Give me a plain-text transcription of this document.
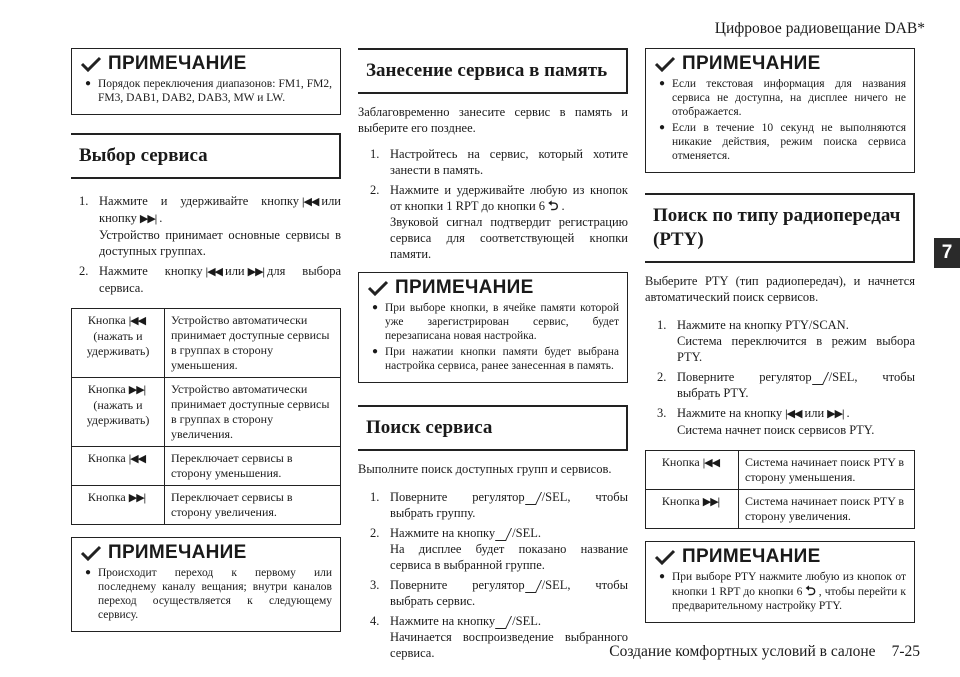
Цифровое радиовещание DAB*
7
Создание комфортных условий в салоне 7-25
ПРИМЕЧАНИЕ
● Порядок переключения диапазонов: FM1, FM2, FM3, DAB1, DAB2, DAB3, MW и LW.
Выбор сервиса
1. Нажмите и удерживайте кнопку |◀◀ или кнопку ▶▶| .
Устройство принимает основные сервисы в доступных группах.
2. Нажмите кнопку |◀◀ или ▶▶| для выбора сервиса.
Кнопка |◀◀
(нажать и удерживать)	Устройство автоматически принимает доступные сервисы в группах в сторону уменьшения.
Кнопка ▶▶|
(нажать и удерживать)	Устройство автоматически принимает доступные сервисы в группах в сторону увеличения.
Кнопка |◀◀	Переключает сервисы в сторону уменьшения.
Кнопка ▶▶|	Переключает сервисы в сторону увеличения.
ПРИМЕЧАНИЕ
● Происходит переход к первому или последнему каналу вещания; внутри каналов переход осуществляется к следующему сервису.
Занесение сервиса в память

Заблаговременно занесите сервис в память и выберите его позднее.

1. Настройтесь на сервис, который хотите занести в память.
2. Нажмите и удерживайте любую из кнопок от кнопки 1 RPT до кнопки 6 ⮌ .
Звуковой сигнал подтвердит регистрацию сервиса для соответствующей кнопки памяти.
ПРИМЕЧАНИЕ
● При выборе кнопки, в ячейке памяти которой уже зарегистрирован сервис, будет перезаписана новая настройка.
● При нажатии кнопки памяти будет выбрана настройка сервиса, ранее занесенная в память.
Поиск сервиса

Выполните поиск доступных групп и сервисов.

1. Поверните регулятор /SEL, чтобы выбрать группу.
2. Нажмите на кнопку /SEL.
На дисплее будет показано название сервиса в выбранной группе.
3. Поверните регулятор /SEL, чтобы выбрать сервис.
4. Нажмите на кнопку /SEL.
Начинается воспроизведение выбранного сервиса.
ПРИМЕЧАНИЕ
● Если текстовая информация для названия сервиса не доступна, на дисплее ничего не отображается.
● Если в течение 10 секунд не выполняются никакие действия, режим поиска сервиса отменяется.
Поиск по типу радиопередач (PTY)

Выберите PTY (тип радиопередач), и начнется автоматический поиск сервисов.

1. Нажмите на кнопку PTY/SCAN.
Система переключится в режим выбора PTY.
2. Поверните регулятор /SEL, чтобы выбрать PTY.
3. Нажмите на кнопку |◀◀ или ▶▶| .
Система начнет поиск сервисов PTY.
Кнопка |◀◀	Система начинает поиск PTY в сторону уменьшения.
Кнопка ▶▶|	Система начинает поиск PTY в сторону увеличения.
ПРИМЕЧАНИЕ
● При выборе PTY нажмите любую из кнопок от кнопки 1 RPT до кнопки 6 ⮌ , чтобы перейти к предварительному настройку PTY.
